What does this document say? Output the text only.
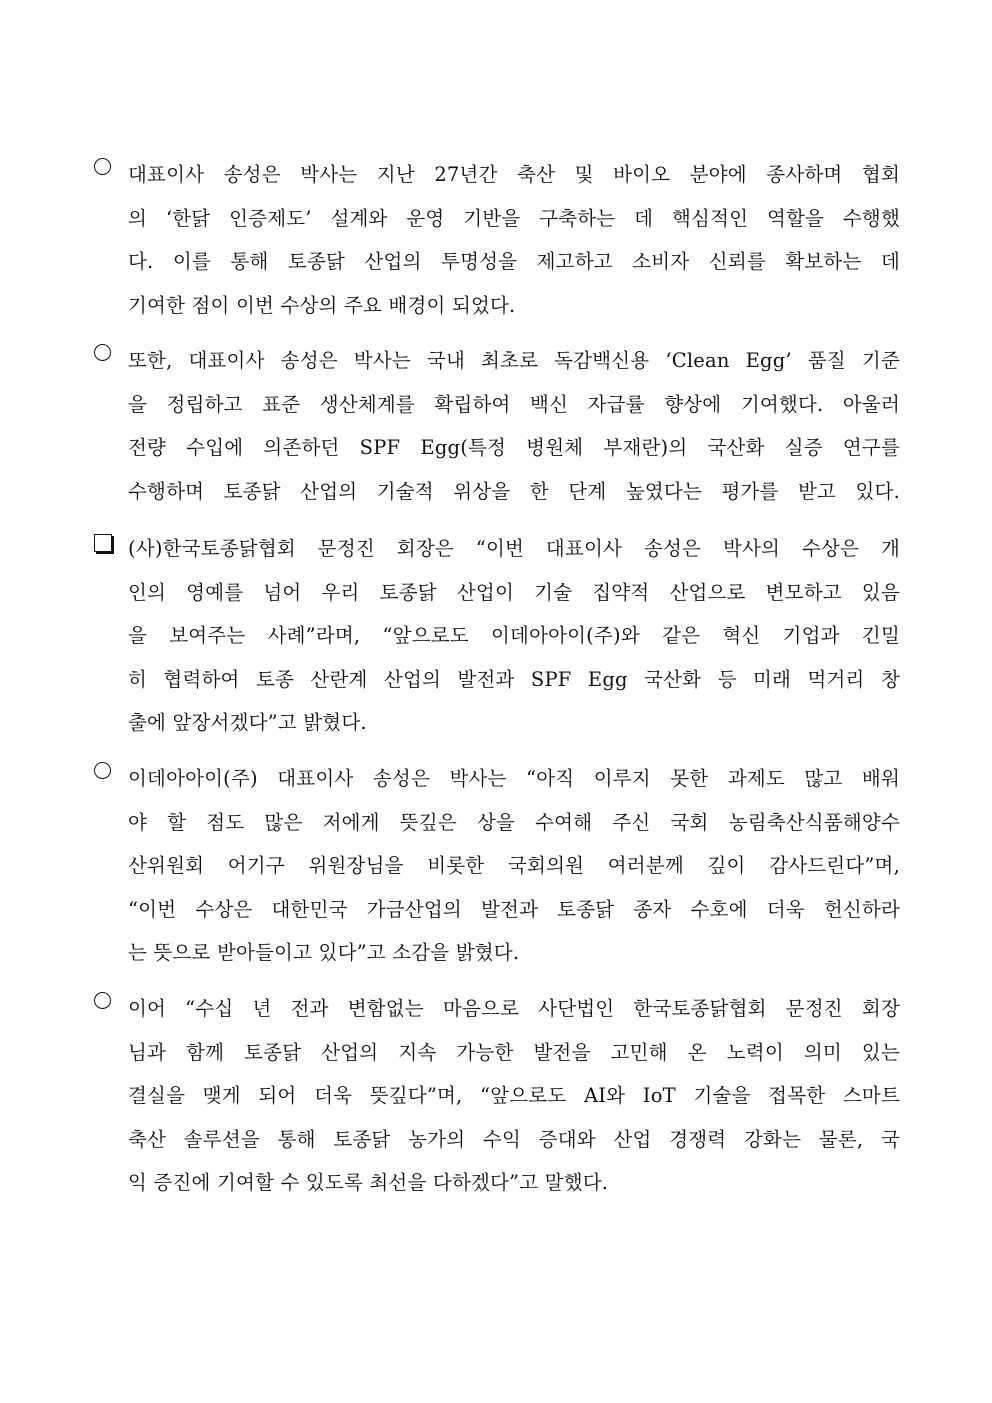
대표이사 송성은 박사는 지난 27년간 축산 및 바이오 분야에 종사하며 협회
의 ‘한닭 인증제도’ 설계와 운영 기반을 구축하는 데 핵심적인 역할을 수행했
다. 이를 통해 토종닭 산업의 투명성을 제고하고 소비자 신뢰를 확보하는 데
기여한 점이 이번 수상의 주요 배경이 되었다.
또한, 대표이사 송성은 박사는 국내 최초로 독감백신용 ‘Clean Egg’ 품질 기준
을 정립하고 표준 생산체계를 확립하여 백신 자급률 향상에 기여했다. 아울러
전량 수입에 의존하던 SPF Egg(특정 병원체 부재란)의 국산화 실증 연구를
수행하며 토종닭 산업의 기술적 위상을 한 단계 높였다는 평가를 받고 있다.
(사)한국토종닭협회 문정진 회장은 “이번 대표이사 송성은 박사의 수상은 개
인의 영예를 넘어 우리 토종닭 산업이 기술 집약적 산업으로 변모하고 있음
을 보여주는 사례”라며, “앞으로도 이데아아이(주)와 같은 혁신 기업과 긴밀
히 협력하여 토종 산란계 산업의 발전과 SPF Egg 국산화 등 미래 먹거리 창
출에 앞장서겠다”고 밝혔다.
이데아아이(주) 대표이사 송성은 박사는 “아직 이루지 못한 과제도 많고 배워
야 할 점도 많은 저에게 뜻깊은 상을 수여해 주신 국회 농림축산식품해양수
산위원회 어기구 위원장님을 비롯한 국회의원 여러분께 깊이 감사드린다”며,
“이번 수상은 대한민국 가금산업의 발전과 토종닭 종자 수호에 더욱 헌신하라
는 뜻으로 받아들이고 있다”고 소감을 밝혔다.
이어 “수십 년 전과 변함없는 마음으로 사단법인 한국토종닭협회 문정진 회장
님과 함께 토종닭 산업의 지속 가능한 발전을 고민해 온 노력이 의미 있는
결실을 맺게 되어 더욱 뜻깊다”며, “앞으로도 AI와 IoT 기술을 접목한 스마트
축산 솔루션을 통해 토종닭 농가의 수익 증대와 산업 경쟁력 강화는 물론, 국
익 증진에 기여할 수 있도록 최선을 다하겠다”고 말했다.
